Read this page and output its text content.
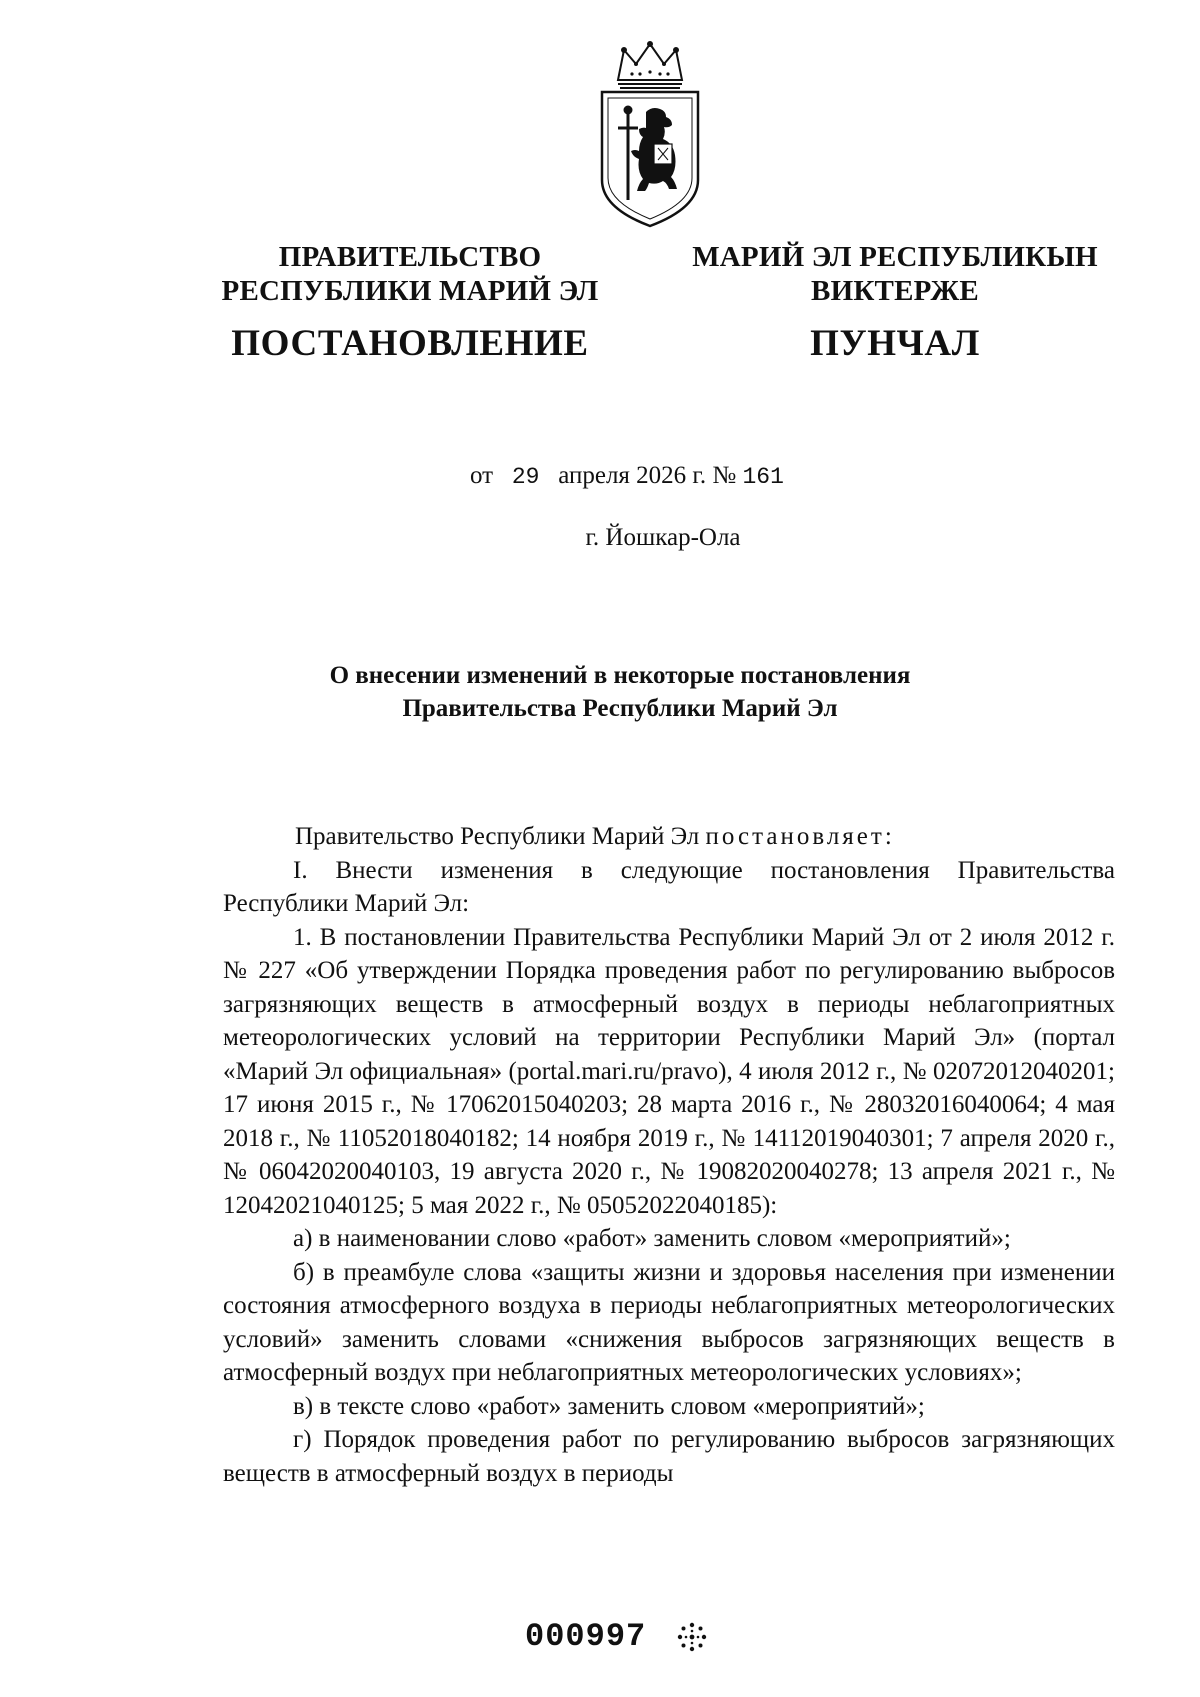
ПРАВИТЕЛЬСТВО
РЕСПУБЛИКИ МАРИЙ ЭЛ
ПОСТАНОВЛЕНИЕ
МАРИЙ ЭЛ РЕСПУБЛИКЫН
ВИКТЕРЖЕ
ПУНЧАЛ
от 29 апреля 2026 г. № 161
г. Йошкар-Ола
О внесении изменений в некоторые постановления
Правительства Республики Марий Эл

Правительство Республики Марий Эл постановляет:

I. Внести изменения в следующие постановления Правительства Республики Марий Эл:

1. В постановлении Правительства Республики Марий Эл от 2 июля 2012 г. № 227 «Об утверждении Порядка проведения работ по регулированию выбросов загрязняющих веществ в атмосферный воздух в периоды неблагоприятных метеорологических условий на территории Республики Марий Эл» (портал «Марий Эл официальная» (portal.mari.ru/pravo), 4 июля 2012 г., № 02072012040201; 17 июня 2015 г., № 17062015040203; 28 марта 2016 г., № 28032016040064; 4 мая 2018 г., № 11052018040182; 14 ноября 2019 г., № 14112019040301; 7 апреля 2020 г., № 06042020040103, 19 августа 2020 г., № 19082020040278; 13 апреля 2021 г., № 12042021040125; 5 мая 2022 г., № 05052022040185):

а) в наименовании слово «работ» заменить словом «мероприятий»;

б) в преамбуле слова «защиты жизни и здоровья населения при изменении состояния атмосферного воздуха в периоды неблагоприятных метеорологических условий» заменить словами «снижения выбросов загрязняющих веществ в атмосферный воздух при неблагоприятных метеорологических условиях»;

в) в тексте слово «работ» заменить словом «мероприятий»;

г) Порядок проведения работ по регулированию выбросов загрязняющих веществ в атмосферный воздух в периоды

000997
